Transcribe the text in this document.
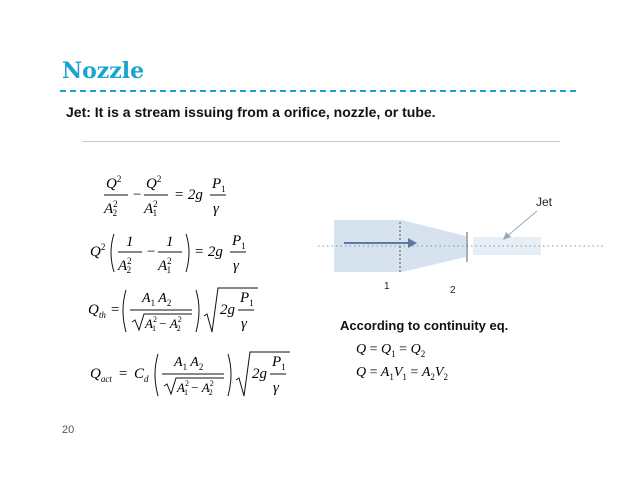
Nozzle
Jet: It is a stream issuing from a orifice, nozzle, or tube.
$Q^2$
$A^2$ 2
−
$Q^2$
$A^2$ 1
= 2g
$P_1$
γ
$Q^2$ 1
$A^2$ 2
−
1
$A^2$ 1
= 2g
$P_1$
γ
$Q_{th}$ =
$A_1$ $A_2$
$A^2$ $1 - A^2$ 2
2g
$P_1$
γ
$Q_{act} = C_d$
$A_1$ $A_2$
$A^2$ $1 - A^2$ 2
2g
$P_1$
γ
Jet
1	2
According to continuity eq.
$Q = Q_1 = Q_2$
$Q = A_1V_1 = A_2V_2$
20
